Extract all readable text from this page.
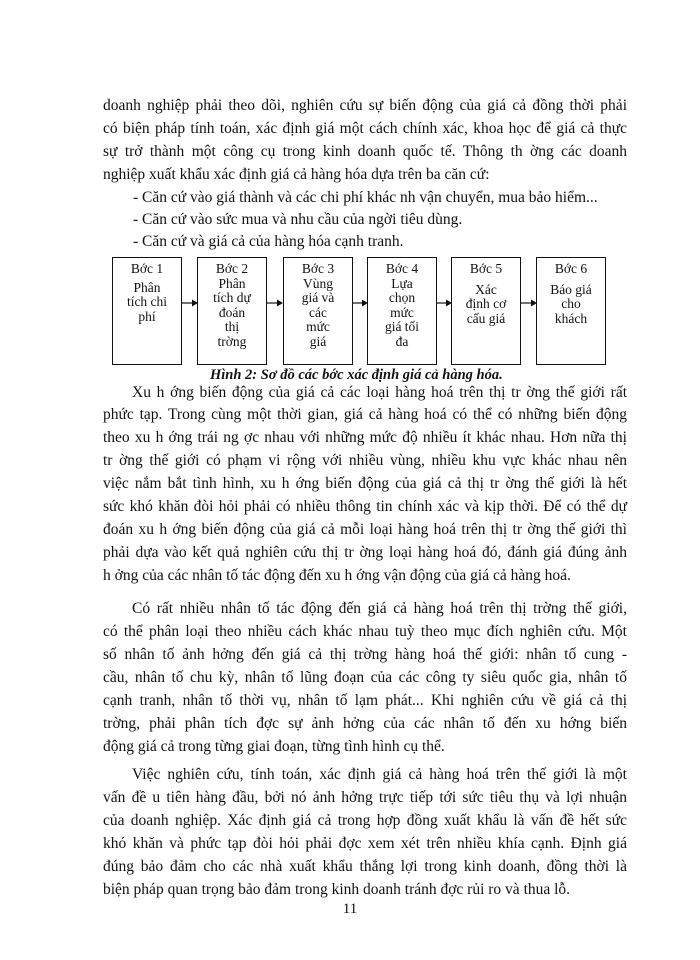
doanh nghiệp phải theo dõi, nghiên cứu sự biến động của giá cả đồng thời phải
có biện pháp tính toán, xác định giá một cách chính xác, khoa học để giá cả thực
sự trở thành một công cụ trong kinh doanh quốc tế. Thông th ờng các doanh
nghiệp xuất khẩu xác định giá cả hàng hóa dựa trên ba căn cứ:
- Căn cứ vào giá thành và các chi phí khác nh vận chuyển, mua bảo hiểm...
- Căn cứ vào sức mua và nhu cầu của ngời tiêu dùng.
- Căn cứ và giá cả của hàng hóa cạnh tranh.
Bớc 1
Phân
tích chi
phí
Bớc 2
Phân
tích dự
đoán
thị
trờng
Bớc 3
Vùng
giá và
các
mức
giá
Bớc 4
Lựa
chọn
mức
giá tối
đa
Bớc 5
Xác
định cơ
cấu giá
Bớc 6
Báo giá
cho
khách
Hình 2: Sơ đồ các bớc xác định giá cả hàng hóa.
Xu h ớng biến động của giá cả các loại hàng hoá trên thị tr ờng thế giới rất
phức tạp. Trong cùng một thời gian, giá cả hàng hoá có thể có những biến động
theo xu h ớng trái ng ợc nhau với những mức độ nhiều ít khác nhau. Hơn nữa thị
tr ờng thế giới có phạm vi rộng với nhiều vùng, nhiều khu vực khác nhau nên
việc nắm bắt tình hình, xu h ớng biến động của giá cả thị tr ờng thế giới là hết
sức khó khăn đòi hỏi phải có nhiều thông tin chính xác và kịp thời. Để có thể dự
đoán xu h ớng biến động của giá cả mỗi loại hàng hoá trên thị tr ờng thế giới thì
phải dựa vào kết quả nghiên cứu thị tr ờng loại hàng hoá đó, đánh giá đúng ảnh
h ởng của các nhân tố tác động đến xu h ớng vận động của giá cả hàng hoá.
Có rất nhiều nhân tố tác động đến giá cả hàng hoá trên thị trờng thế giới,
có thể phân loại theo nhiều cách khác nhau tuỳ theo mục đích nghiên cứu. Một
số nhân tố ảnh hởng đến giá cả thị trờng hàng hoá thế giới: nhân tố cung -
cầu, nhân tố chu kỳ, nhân tố lũng đoạn của các công ty siêu quốc gia, nhân tố
cạnh tranh, nhân tố thời vụ, nhân tố lạm phát... Khi nghiên cứu về giá cả thị
trờng, phải phân tích đợc sự ảnh hởng của các nhân tố đến xu hớng biến
động giá cả trong từng giai đoạn, từng tình hình cụ thể.
Việc nghiên cứu, tính toán, xác định giá cả hàng hoá trên thế giới là một
vấn đề u tiên hàng đầu, bởi nó ảnh hởng trực tiếp tới sức tiêu thụ và lợi nhuận
của doanh nghiệp. Xác định giá cả trong hợp đồng xuất khẩu là vấn đề hết sức
khó khăn và phức tạp đòi hỏi phải đợc xem xét trên nhiều khía cạnh. Định giá
đúng bảo đảm cho các nhà xuất khẩu thắng lợi trong kinh doanh, đồng thời là
biện pháp quan trọng bảo đảm trong kinh doanh tránh đợc rủi ro và thua lỗ.
11
